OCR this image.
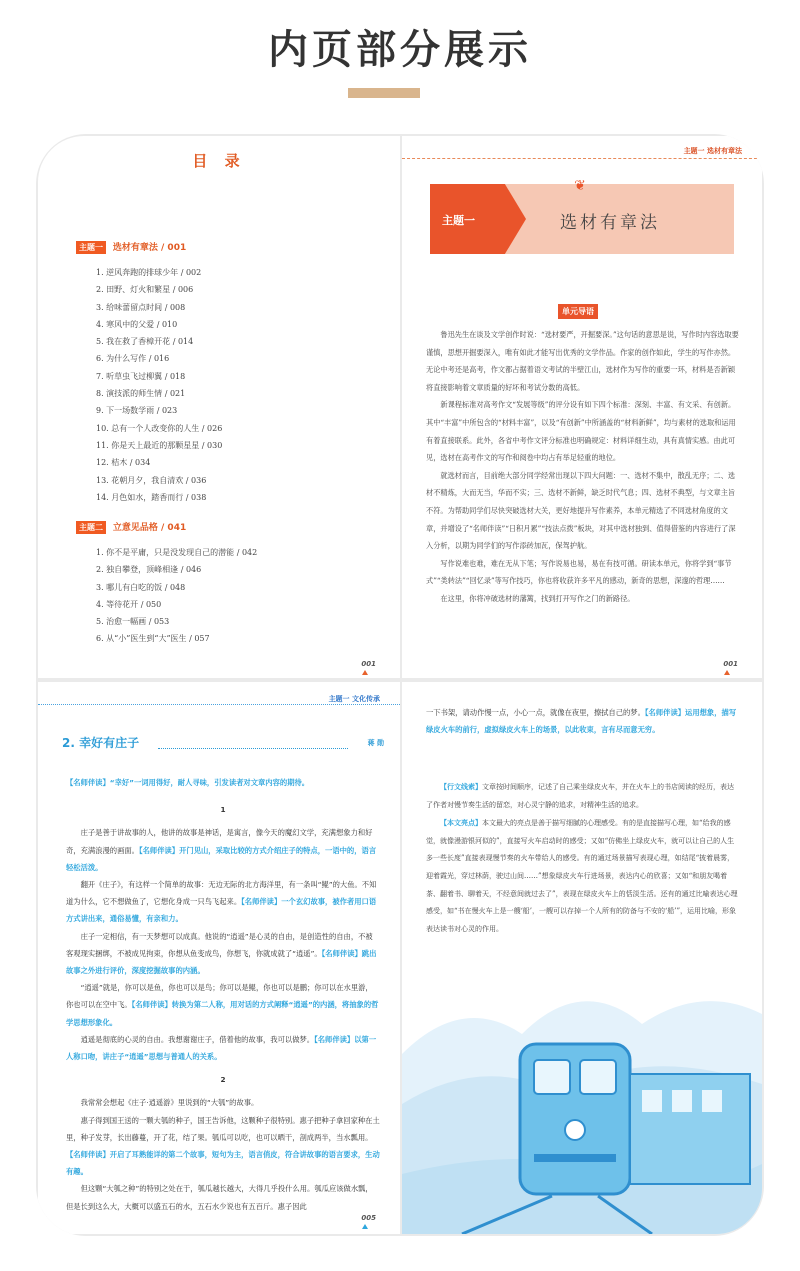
内页部分展示
目 录
主题一 选材有章法 / 001
1. 逆风奔跑的排球少年 / 002
2. 田野、灯火和繁星 / 006
3. 给味蕾留点时间 / 008
4. 寒风中的父爱 / 010
5. 我在救了香樟开花 / 014
6. 为什么写作 / 016
7. 听草虫飞过柳翼 / 018
8. 演技派的师生情 / 021
9. 下一场数学雨 / 023
10. 总有一个人改变你的人生 / 026
11. 你是天上最近的那颗星星 / 030
12. 桔木 / 034
13. 花朝月夕，我自清欢 / 036
14. 月色如水，踏香而行 / 038
主题二 立意见品格 / 041
1. 你不是平庸，只是没发现自己的潜能 / 042
2. 独自攀登，顶峰相逢 / 046
3. 哪儿有白吃的饭 / 048
4. 等待花开 / 050
5. 治愈一幅画 / 053
6. 从“小”医生到“大”医生 / 057
001
主题一 选材有章法
主题一
❦
选材有章法
单元导语

鲁迅先生在谈及文学创作时说：“选材要严，开掘要深。”这句话的意思是说，写作时内容选取要谨慎，思想开掘要深入，唯有如此才能写出优秀的文学作品。作家的创作如此，学生的写作亦然。无论中考还是高考，作文都占据着语文考试的半壁江山，选材作为写作的重要一环，材料是否新颖将直接影响着文章质量的好坏和考试分数的高低。

新课程标准对高考作文“发展等级”的评分设有如下四个标准：深刻、丰富、有文采、有创新。其中“丰富”中所包含的“材料丰富”，以及“有创新”中所涵盖的“材料新鲜”，均与素材的选取和运用有着直接联系。此外，各省中考作文评分标准也明确规定：材料详细生动，具有真情实感。由此可见，选材在高考作文的写作和阅卷中均占有举足轻重的地位。

就选材而言，目前绝大部分同学经常出现以下四大问题：一、选材不集中，散乱无序；二、选材不精炼，大而无当，华而不实；三、选材不新鲜，缺乏时代气息；四、选材不典型，与文章主旨不符。为帮助同学们尽快突破选材大关，更好地提升写作素养，本单元精选了不同选材角度的文章，并增设了“名师伴读”“日积月累”“技法点拨”板块，对其中选材独到、值得借鉴的内容进行了深入分析，以期为同学们的写作添砖加瓦，保驾护航。

写作说难也难，难在无从下笔；写作说易也易，易在有技可循。研读本单元，你将学到“事节式”“类转法”“回忆录”等写作技巧，你也将收获许多平凡的感动，新奇的思想，深邃的哲理……

在这里，你将冲破选材的藩篱，找到打开写作之门的新路径。

001
主题一 文化传承
2. 幸好有庄子	蒋 勋

【名师伴读】“幸好”一词用得好，耐人寻味，引发读者对文章内容的期待。

1

庄子是善于讲故事的人，他讲的故事是神话，是寓言，像今天的魔幻文学，充满想象力和好奇，充满浪漫的画面。【名师伴读】开门见山，采取比较的方式介绍庄子的特点，一语中的，语言轻松活泼。

翻开《庄子》，有这样一个简单的故事：无边无际的北方海洋里，有一条叫“鲲”的大鱼。不知道为什么，它不想做鱼了，它想化身成一只鸟飞起来。【名师伴读】一个玄幻故事，被作者用口语方式讲出来，通俗易懂，有亲和力。

庄子一定相信，有一天梦想可以成真。他说的“逍遥”是心灵的自由，是创造性的自由，不被客观现实捆绑，不被成见拘束，你想从鱼变成鸟，你想飞，你就成就了“逍遥”。【名师伴读】跳出故事之外进行评价，深度挖掘故事的内涵。

“逍遥”就是，你可以是鱼，你也可以是鸟；你可以是鲲，你也可以是鹏；你可以在水里游，你也可以在空中飞。【名师伴读】转换为第二人称，用对话的方式阐释“逍遥”的内涵，将抽象的哲学思想形象化。

逍遥是彻底的心灵的自由。我想谢谢庄子，借着他的故事，我可以做梦。【名师伴读】以第一人称口吻，讲庄子“逍遥”思想与普通人的关系。

2

我常常会想起《庄子·逍遥游》里说到的“大瓠”的故事。

惠子得到国王送的一颗大瓠的种子，国王告诉他，这颗种子很特别。惠子把种子拿回家种在土里，种子发芽，长出藤蔓，开了花，结了果。瓠瓜可以吃，也可以晒干，剖成两半，当水瓢用。【名师伴读】开启了耳熟能详的第二个故事，短句为主，语言俏皮，符合讲故事的语言要求，生动有趣。

但这颗“大瓠之种”的特别之处在于，瓠瓜越长越大，大得几乎投什么用。瓠瓜应该做水瓢，但是长到这么大，大概可以盛五石的水，五石水少说也有五百斤。惠子因此

005
一下书架，请动作慢一点，小心一点，就像在夜里，擦拭自己的梦。【名师伴读】运用想象，描写绿皮火车的前行，虚拟绿皮火车上的场景，以此收束，言有尽而意无穷。

【行文线索】文章按时间顺序，记述了自己乘坐绿皮火车，并在火车上的书店阅读的经历，表达了作者对慢节奏生活的留恋，对心灵宁静的追求，对精神生活的追求。

【本文亮点】本文最大的亮点是善于描写细腻的心理感受。有的是直接描写心理，如“给我的感觉，就像漫游银河似的”，直接写火车启动时的感受；又如“仿佛坐上绿皮火车，就可以让自己的人生多一些长度”直接表现慢节奏的火车带给人的感受。有的通过场景描写表现心理，如结尾“披着晨雾，迎着霞光，穿过林荫，驶过山间……”想象绿皮火车行进场景，表达内心的欣喜；又如“和朋友喝着茶、翻着书、聊着天，不经意间就过去了”，表现在绿皮火车上的恬淡生活。还有的通过比喻表达心理感受，如“书在慢火车上是一艘‘船’，一艘可以存掉一个人所有的防备与不安的‘船’”，运用比喻，形象表达读书对心灵的作用。
